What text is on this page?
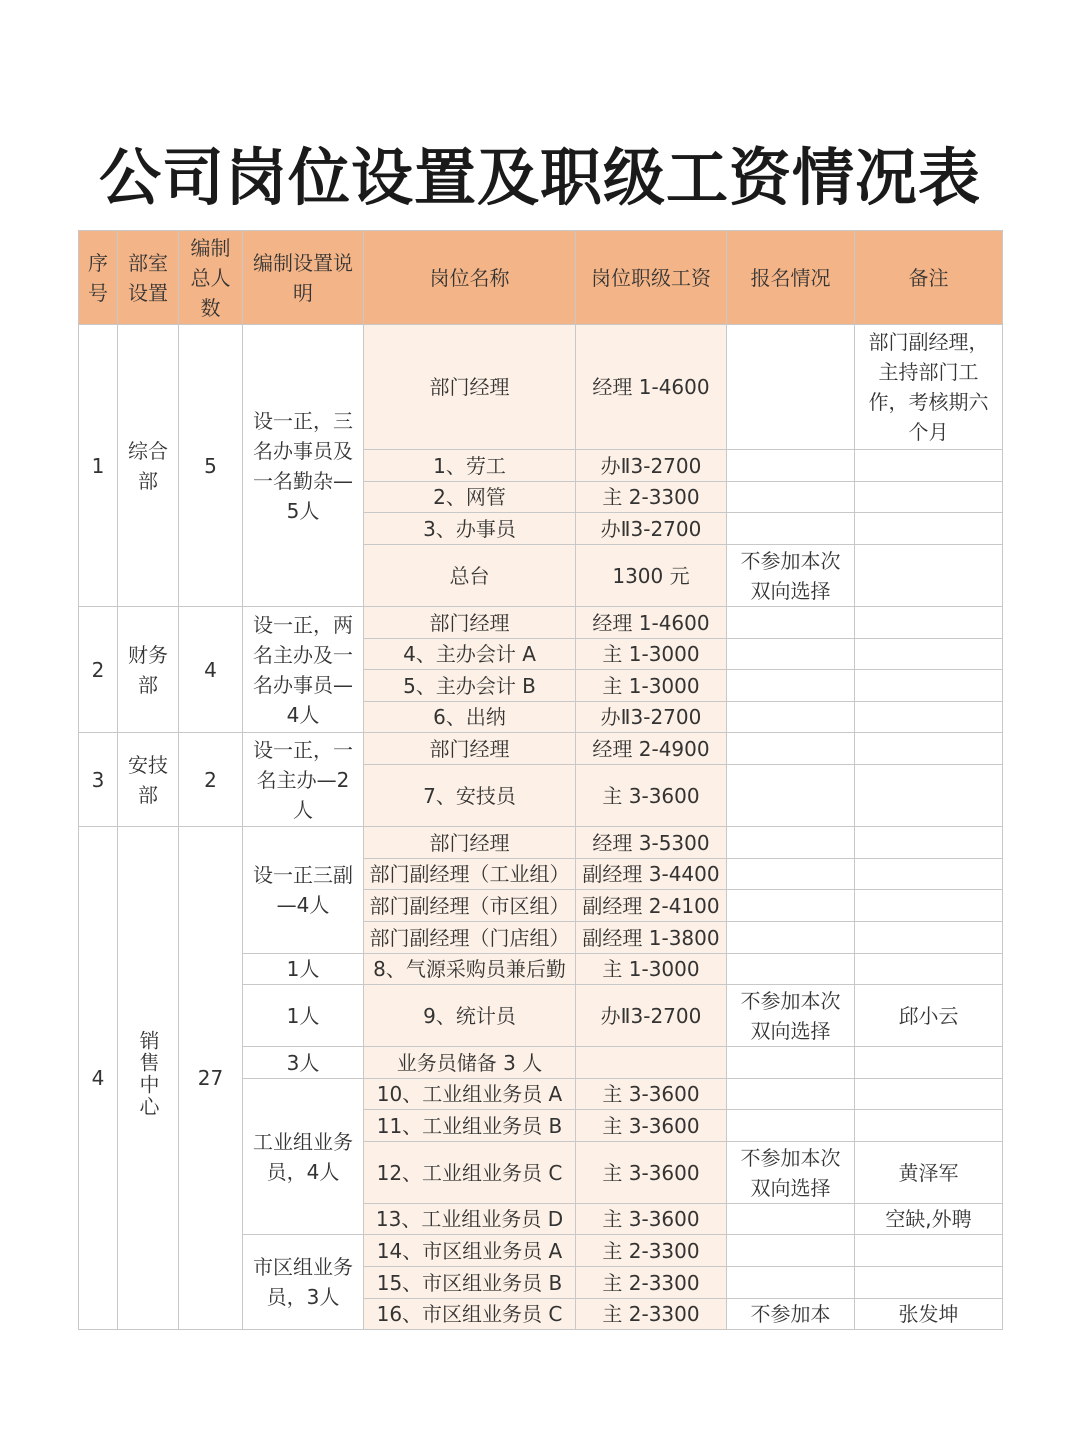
公司岗位设置及职级工资情况表
序号	部室设置	编制总人数	编制设置说明	岗位名称	岗位职级工资	报名情况	备注
1	综合部	5	设一正，三名办事员及一名勤杂—5人	部门经理	经理 1-4600		部门副经理，主持部门工作，考核期六个月
				1、劳工	办Ⅱ3-2700		
				2、网管	主 2-3300		
				3、办事员	办Ⅱ3-2700		
				总台	1300 元	不参加本次双向选择	
2	财务部	4	设一正，两名主办及一名办事员—4人	部门经理	经理 1-4600		
				4、主办会计 A	主 1-3000		
				5、主办会计 B	主 1-3000		
				6、出纳	办Ⅱ3-2700		
3	安技部	2	设一正，一名主办—2人	部门经理	经理 2-4900		
				7、安技员	主 3-3600		
4	销售中心	27	设一正三副—4人	部门经理	经理 3-5300		
				部门副经理（工业组）	副经理 3-4400		
				部门副经理（市区组）	副经理 2-4100		
				部门副经理（门店组）	副经理 1-3800		
			1人	8、气源采购员兼后勤	主 1-3000		
			1人	9、统计员	办Ⅱ3-2700	不参加本次双向选择	邱小云
			3人	业务员储备 3 人			
			工业组业务员，4人	10、工业组业务员 A	主 3-3600		
				11、工业组业务员 B	主 3-3600		
				12、工业组业务员 C	主 3-3600	不参加本次双向选择	黄泽军
				13、工业组业务员 D	主 3-3600		空缺,外聘
			市区组业务员，3人	14、市区组业务员 A	主 2-3300		
				15、市区组业务员 B	主 2-3300		
				16、市区组业务员 C	主 2-3300	不参加本	张发坤
